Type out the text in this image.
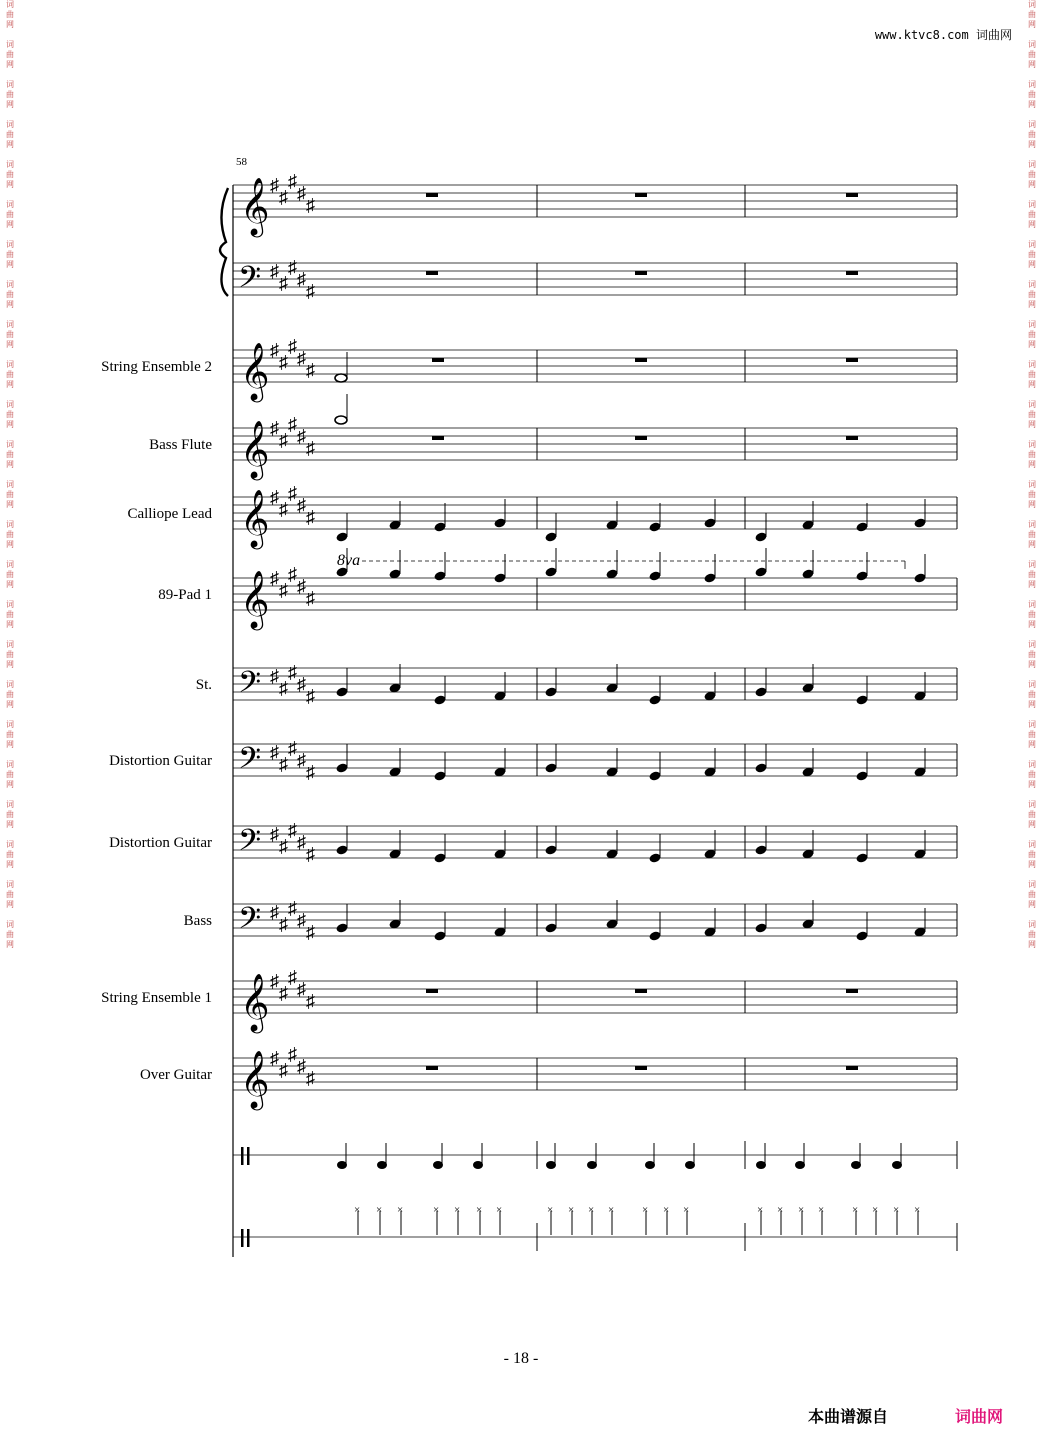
词
曲
网

词
曲
网

词
曲
网

词
曲
网

词
曲
网

词
曲
网

词
曲
网

词
曲
网

词
曲
网

词
曲
网

词
曲
网

词
曲
网

词
曲
网

词
曲
网

词
曲
网

词
曲
网

词
曲
网

词
曲
网

词
曲
网

词
曲
网

词
曲
网

词
曲
网

词
曲
网

词
曲
网
词
曲
网

词
曲
网

词
曲
网

词
曲
网

词
曲
网

词
曲
网

词
曲
网

词
曲
网

词
曲
网

词
曲
网

词
曲
网

词
曲
网

词
曲
网

词
曲
网

词
曲
网

词
曲
网

词
曲
网

词
曲
网

词
曲
网

词
曲
网

词
曲
网

词
曲
网

词
曲
网

词
曲
网
www.ktvc8.com 词曲网
58
8va
𝄞 ♯
♯
♯
♯
♯
𝄢 ♯
♯
♯
♯
♯
𝄞 ♯
♯
♯
♯
♯
𝄞 ♯
♯
♯
♯
♯
𝄞 ♯
♯
♯
♯
♯
𝄞 ♯
♯
♯
♯
♯
𝄢 ♯
♯
♯
♯
♯
𝄢 ♯
♯
♯
♯
♯
𝄢 ♯
♯
♯
♯
♯
𝄢 ♯
♯
♯
♯
♯
𝄞 ♯
♯
♯
♯
♯
𝄞 ♯
♯
♯
♯
♯
× × ×	× × × ×	× × × ×	× × ×	× × × ×	× × × ×
String Ensemble 2
Bass Flute
Calliope Lead
89-Pad 1
St.
Distortion Guitar
Distortion Guitar
Bass
String Ensemble 1
Over Guitar
- 18 -
本曲谱源自	词曲网
